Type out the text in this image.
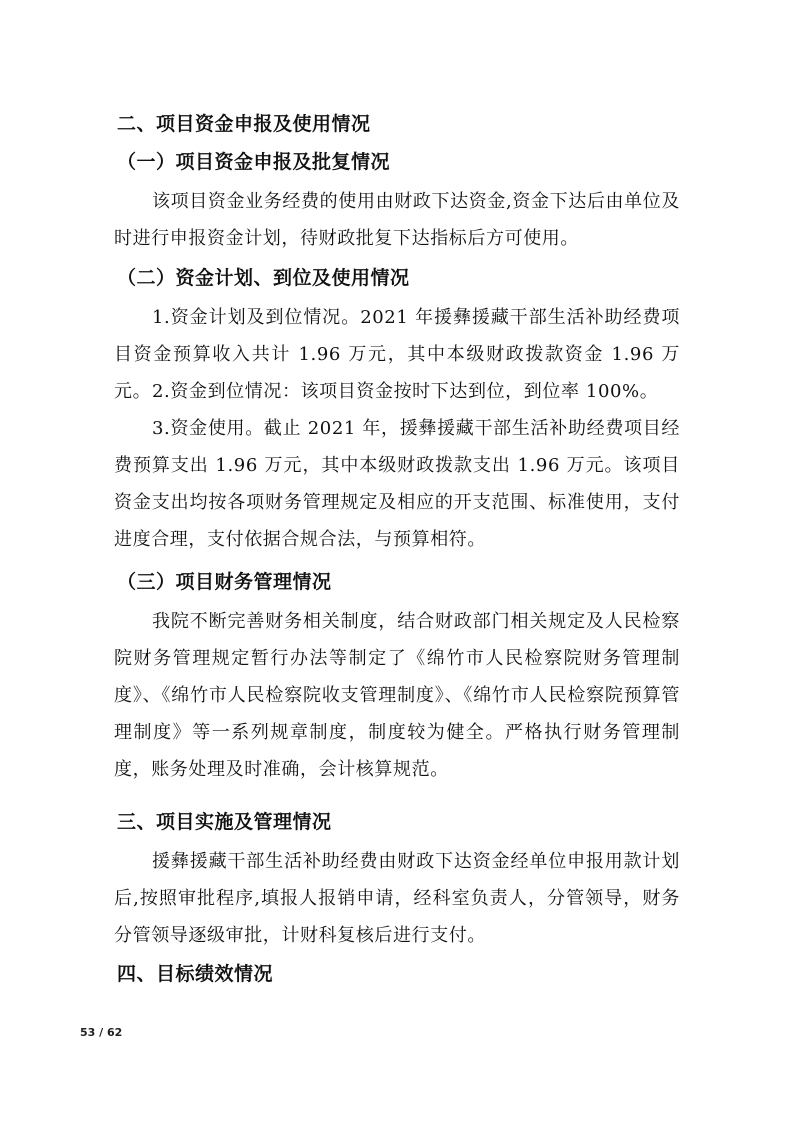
二、项目资金申报及使用情况
（一）项目资金申报及批复情况
该项目资金业务经费的使用由财政下达资金,资金下达后由单位及时进行申报资金计划，待财政批复下达指标后方可使用。
（二）资金计划、到位及使用情况
1.资金计划及到位情况。2021 年援彝援藏干部生活补助经费项目资金预算收入共计 1.96 万元，其中本级财政拨款资金 1.96 万元。 2.资金到位情况：该项目资金按时下达到位，到位率 100%。
3.资金使用。截止 2021 年，援彝援藏干部生活补助经费项目经费预算支出 1.96 万元，其中本级财政拨款支出 1.96 万元。该项目资金支出均按各项财务管理规定及相应的开支范围、标准使用，支付进度合理，支付依据合规合法，与预算相符。
（三）项目财务管理情况
我院不断完善财务相关制度，结合财政部门相关规定及人民检察院财务管理规定暂行办法等制定了《绵竹市人民检察院财务管理制度》、《绵竹市人民检察院收支管理制度》、《绵竹市人民检察院预算管理制度》等一系列规章制度，制度较为健全。严格执行财务管理制度，账务处理及时准确，会计核算规范。
三、项目实施及管理情况
援彝援藏干部生活补助经费由财政下达资金经单位申报用款计划后,按照审批程序,填报人报销申请，经科室负责人，分管领导，财务分管领导逐级审批，计财科复核后进行支付。
四、目标绩效情况
53 / 62
